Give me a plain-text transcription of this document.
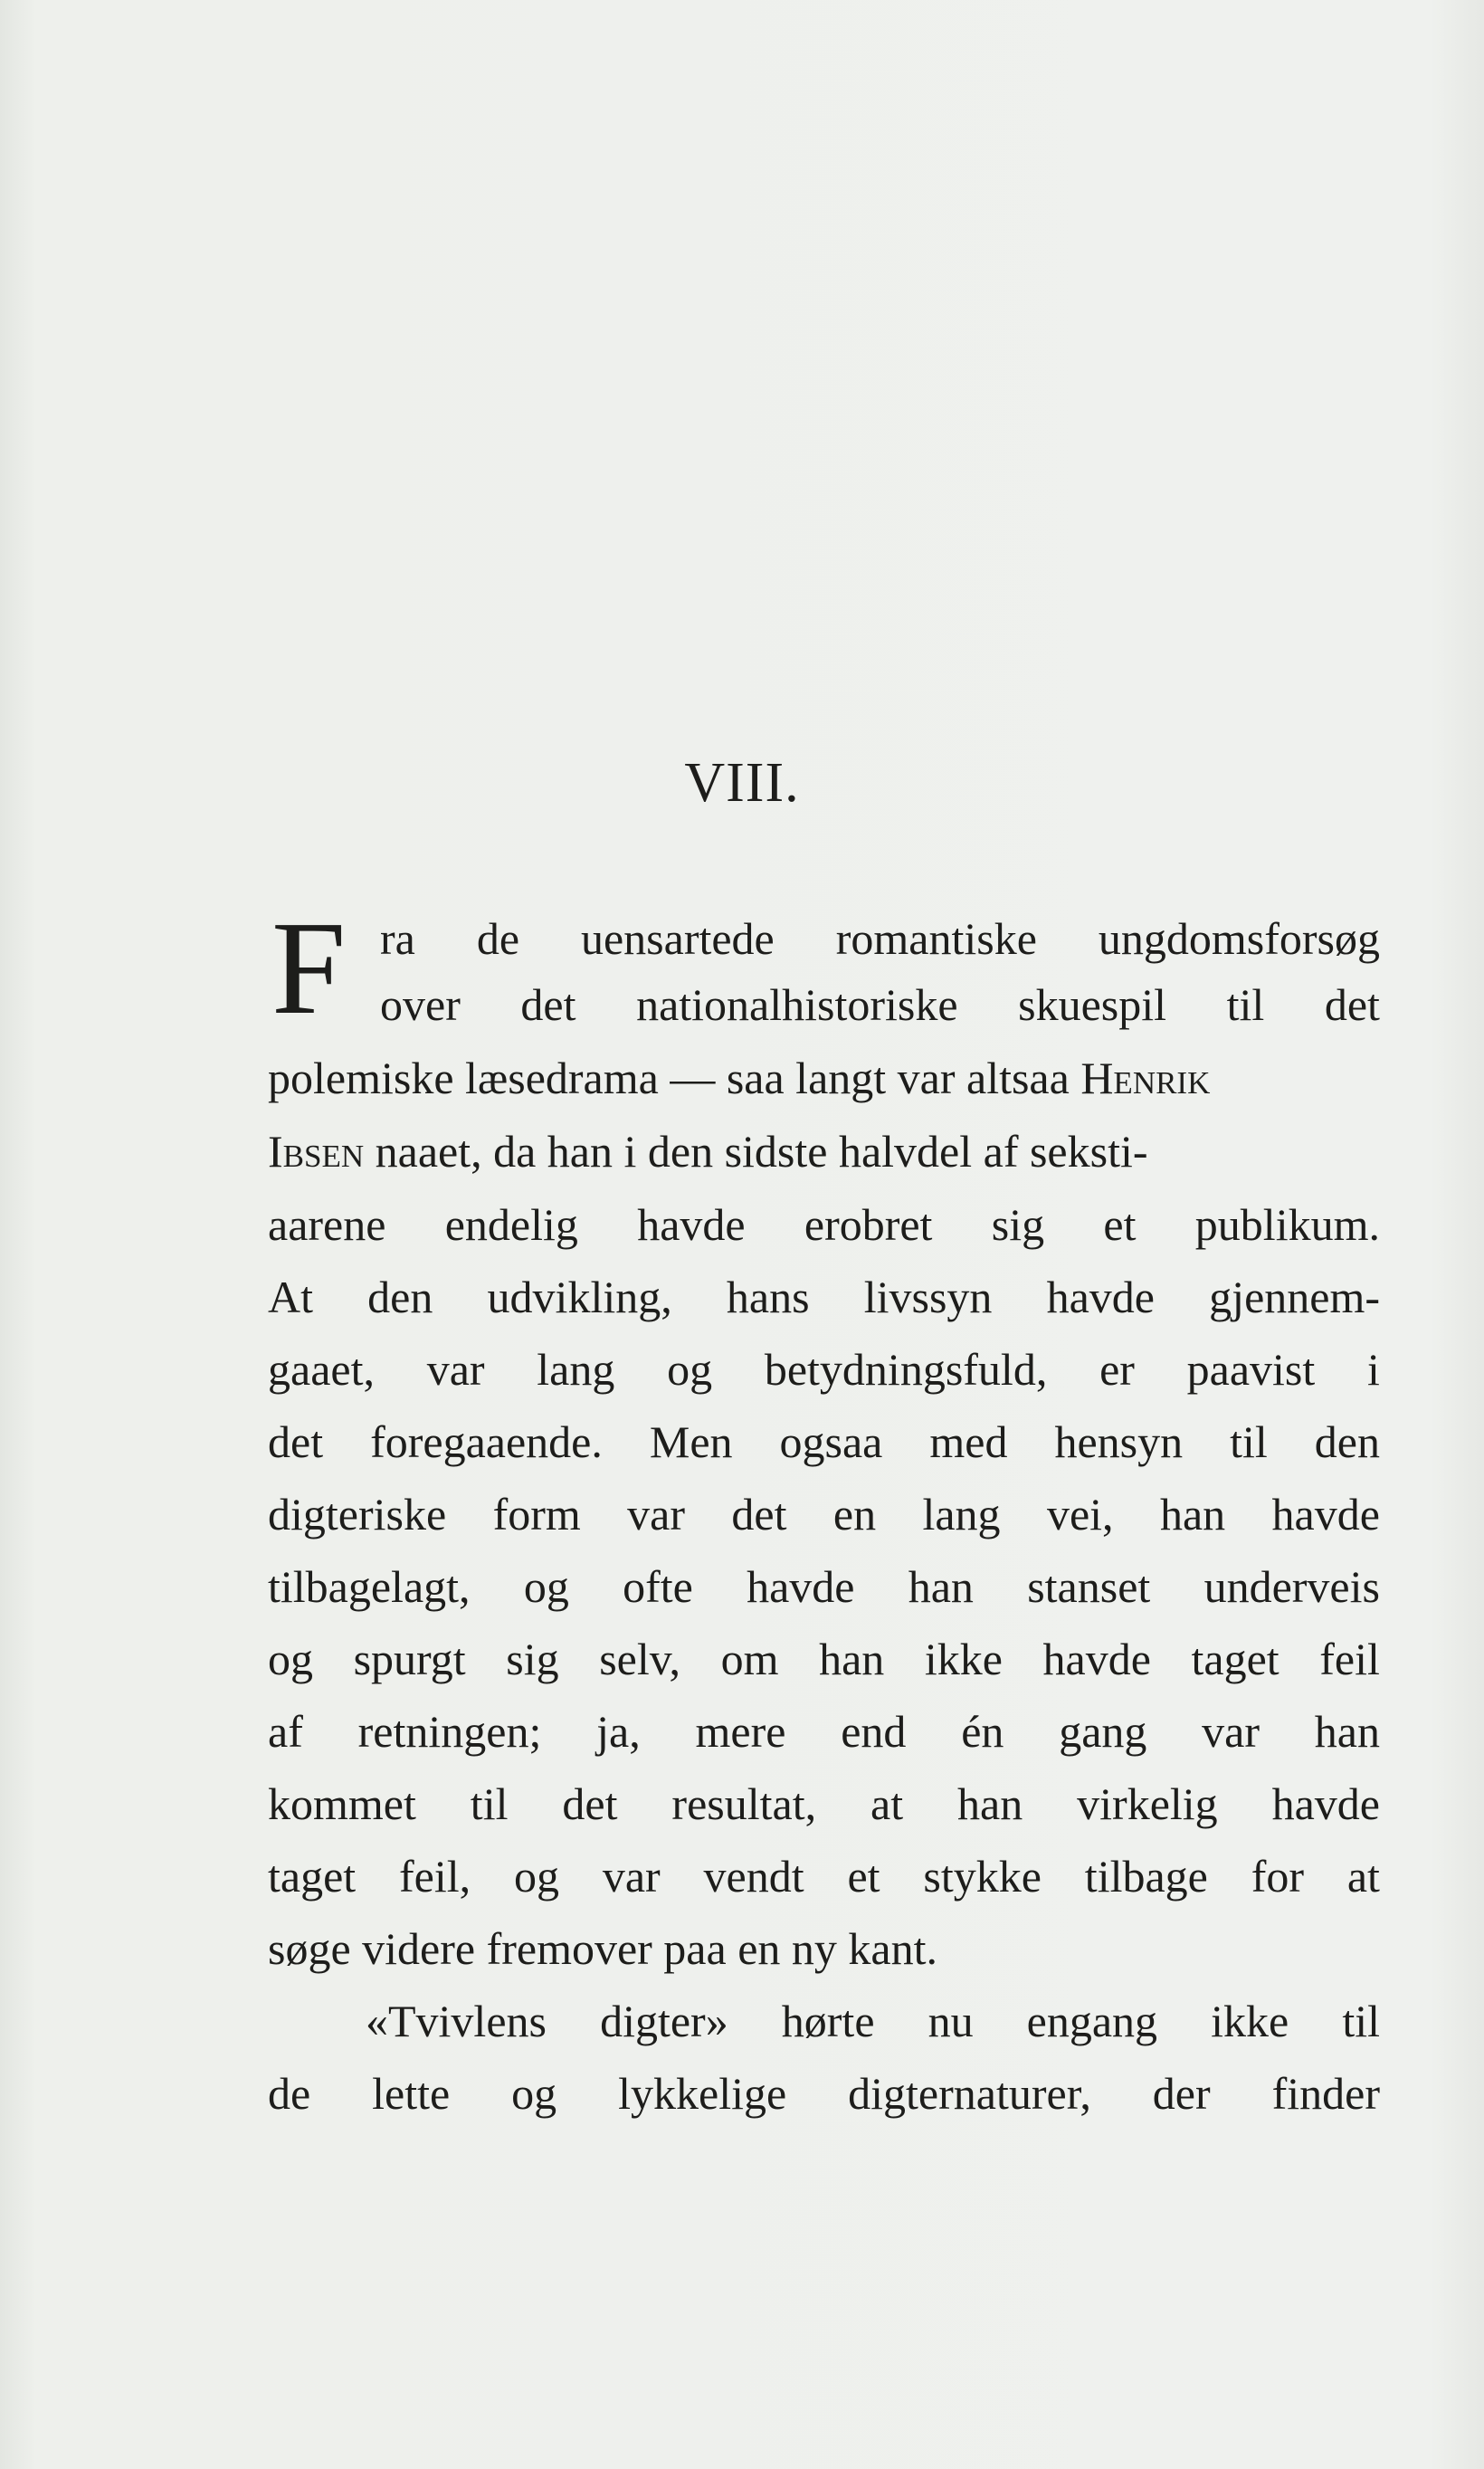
VIII.
F ra de uensartede romantiske ungdomsforsøg
over det nationalhistoriske skuespil til det
polemiske læsedrama — saa langt var altsaa
Henrik
Ibsen
naaet, da han i den sidste halvdel af seksti-
aarene endelig havde erobret sig et publikum.
At den udvikling, hans livssyn havde gjennem-
gaaet, var lang og betydningsfuld, er paavist i
det foregaaende. Men ogsaa med hensyn til den
digteriske form var det en lang vei, han havde
tilbagelagt, og ofte havde han stanset underveis
og spurgt sig selv, om han ikke havde taget feil
af retningen; ja, mere end én gang var han
kommet til det resultat, at han virkelig havde
taget feil, og var vendt et stykke tilbage for at
søge videre fremover paa en ny kant.
«Tvivlens digter» hørte nu engang ikke til
de lette og lykkelige digternaturer, der finder
